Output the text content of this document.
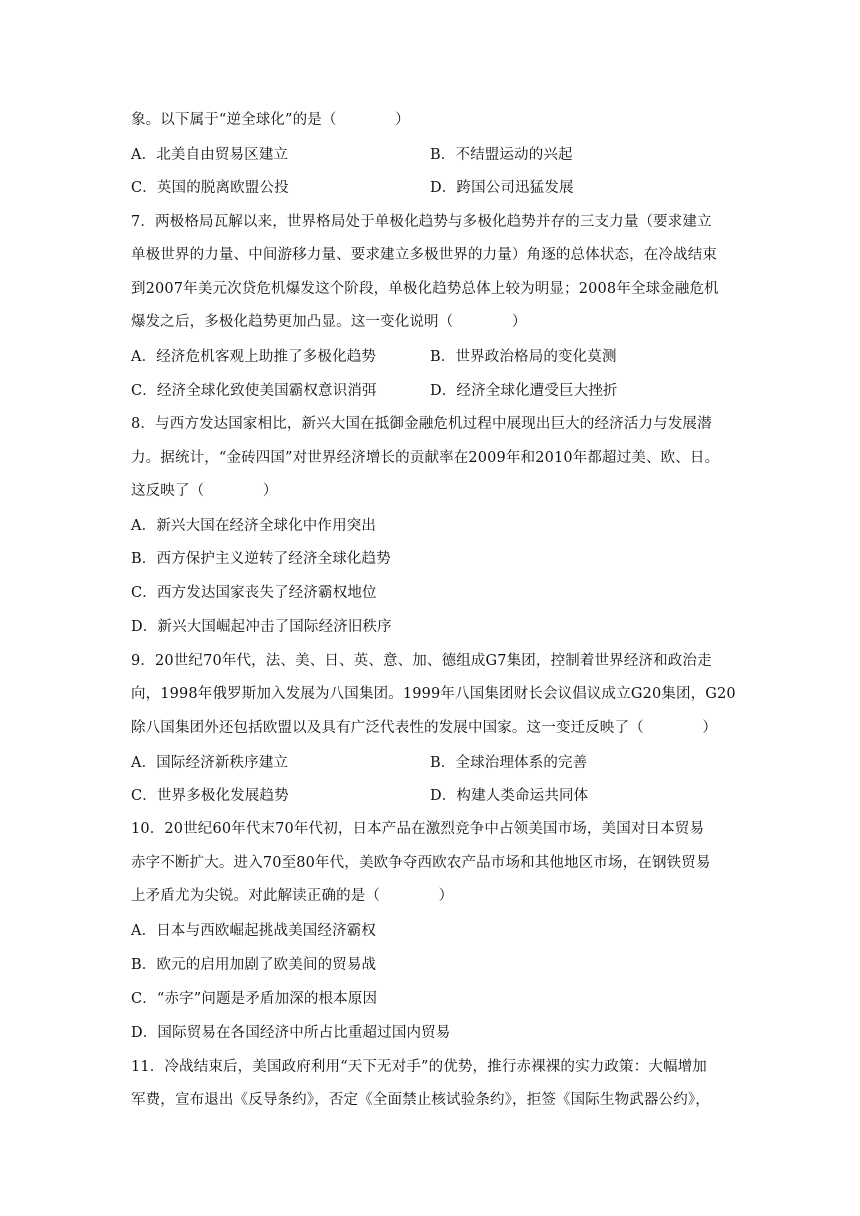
象。以下属于“逆全球化”的是（　　　　）
A．北美自由贸易区建立	B．不结盟运动的兴起
C．英国的脱离欧盟公投	D．跨国公司迅猛发展
7．两极格局瓦解以来，世界格局处于单极化趋势与多极化趋势并存的三支力量（要求建立
单极世界的力量、中间游移力量、要求建立多极世界的力量）角逐的总体状态，在冷战结束
到2007年美元次贷危机爆发这个阶段，单极化趋势总体上较为明显；2008年全球金融危机
爆发之后，多极化趋势更加凸显。这一变化说明（　　　　）
A．经济危机客观上助推了多极化趋势	B．世界政治格局的变化莫测
C．经济全球化致使美国霸权意识消弭	D．经济全球化遭受巨大挫折
8．与西方发达国家相比，新兴大国在抵御金融危机过程中展现出巨大的经济活力与发展潜
力。据统计，“金砖四国”对世界经济增长的贡献率在2009年和2010年都超过美、欧、日。
这反映了（　　　　）
A．新兴大国在经济全球化中作用突出
B．西方保护主义逆转了经济全球化趋势
C．西方发达国家丧失了经济霸权地位
D．新兴大国崛起冲击了国际经济旧秩序
9．20世纪70年代，法、美、日、英、意、加、德组成G7集团，控制着世界经济和政治走
向，1998年俄罗斯加入发展为八国集团。1999年八国集团财长会议倡议成立G20集团，G20
除八国集团外还包括欧盟以及具有广泛代表性的发展中国家。这一变迁反映了（　　　　）
A．国际经济新秩序建立	B．全球治理体系的完善
C．世界多极化发展趋势	D．构建人类命运共同体
10．20世纪60年代末70年代初，日本产品在激烈竞争中占领美国市场，美国对日本贸易
赤字不断扩大。进入70至80年代，美欧争夺西欧农产品市场和其他地区市场，在钢铁贸易
上矛盾尤为尖锐。对此解读正确的是（　　　　）
A．日本与西欧崛起挑战美国经济霸权
B．欧元的启用加剧了欧美间的贸易战
C．“赤字”问题是矛盾加深的根本原因
D．国际贸易在各国经济中所占比重超过国内贸易
11．冷战结束后，美国政府利用“天下无对手”的优势，推行赤裸裸的实力政策：大幅增加
军费，宣布退出《反导条约》，否定《全面禁止核试验条约》，拒签《国际生物武器公约》，
